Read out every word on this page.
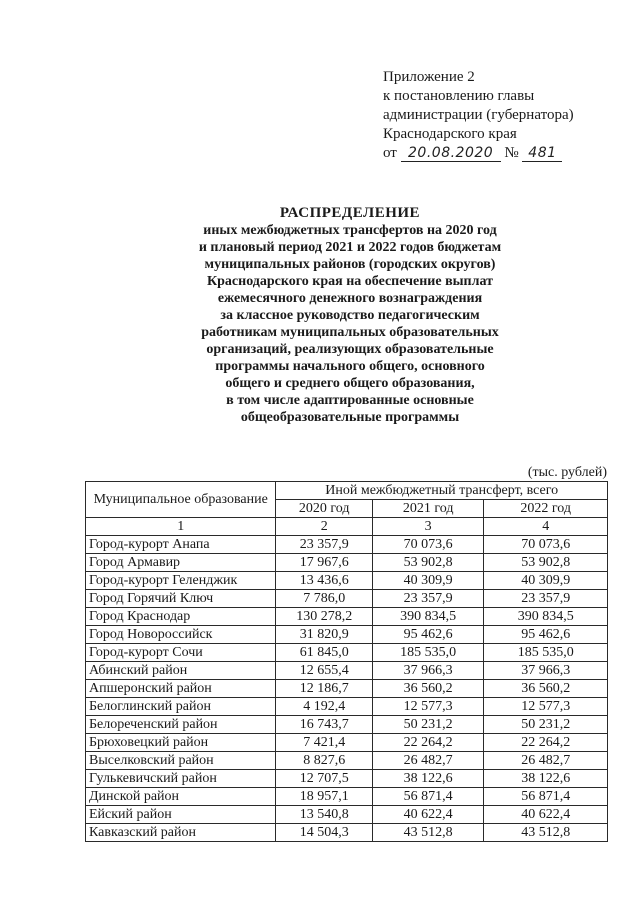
Приложение 2
к постановлению главы
администрации (губернатора)
Краснодарского края
от 20.08.2020 № 481
РАСПРЕДЕЛЕНИЕ
иных межбюджетных трансфертов на 2020 год
и плановый период 2021 и 2022 годов бюджетам
муниципальных районов (городских округов)
Краснодарского края на обеспечение выплат
ежемесячного денежного вознаграждения
за классное руководство педагогическим
работникам муниципальных образовательных
организаций, реализующих образовательные
программы начального общего, основного
общего и среднего общего образования,
в том числе адаптированные основные
общеобразовательные программы
(тыс. рублей)
Муниципальное образование	Иной межбюджетный трансферт, всего		
	2020 год	2021 год	2022 год
1	2	3	4
Город-курорт Анапа	23 357,9	70 073,6	70 073,6
Город Армавир	17 967,6	53 902,8	53 902,8
Город-курорт Геленджик	13 436,6	40 309,9	40 309,9
Город Горячий Ключ	7 786,0	23 357,9	23 357,9
Город Краснодар	130 278,2	390 834,5	390 834,5
Город Новороссийск	31 820,9	95 462,6	95 462,6
Город-курорт Сочи	61 845,0	185 535,0	185 535,0
Абинский район	12 655,4	37 966,3	37 966,3
Апшеронский район	12 186,7	36 560,2	36 560,2
Белоглинский район	4 192,4	12 577,3	12 577,3
Белореченский район	16 743,7	50 231,2	50 231,2
Брюховецкий район	7 421,4	22 264,2	22 264,2
Выселковский район	8 827,6	26 482,7	26 482,7
Гулькевичский район	12 707,5	38 122,6	38 122,6
Динской район	18 957,1	56 871,4	56 871,4
Ейский район	13 540,8	40 622,4	40 622,4
Кавказский район	14 504,3	43 512,8	43 512,8
